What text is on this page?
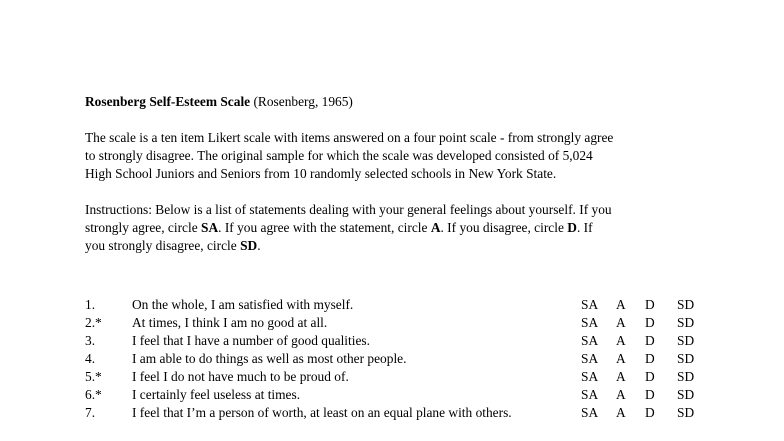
Rosenberg Self-Esteem Scale (Rosenberg, 1965)

The scale is a ten item Likert scale with items answered on a four point scale - from strongly agree
to strongly disagree. The original sample for which the scale was developed consisted of 5,024
High School Juniors and Seniors from 10 randomly selected schools in New York State.

Instructions: Below is a list of statements dealing with your general feelings about yourself. If you
strongly agree, circle SA. If you agree with the statement, circle A. If you disagree, circle D. If
you strongly disagree, circle SD.

1.	On the whole, I am satisfied with myself.	SA A D SD
2.* At times, I think I am no good at all.	SA A D SD
3.	I feel that I have a number of good qualities.	SA A D SD
4.	I am able to do things as well as most other people.	SA A D SD
5.* I feel I do not have much to be proud of.	SA A D SD
6.* I certainly feel useless at times.	SA A D SD
7.	I feel that I’m a person of worth, at least on an equal plane with others.	SA A D SD
